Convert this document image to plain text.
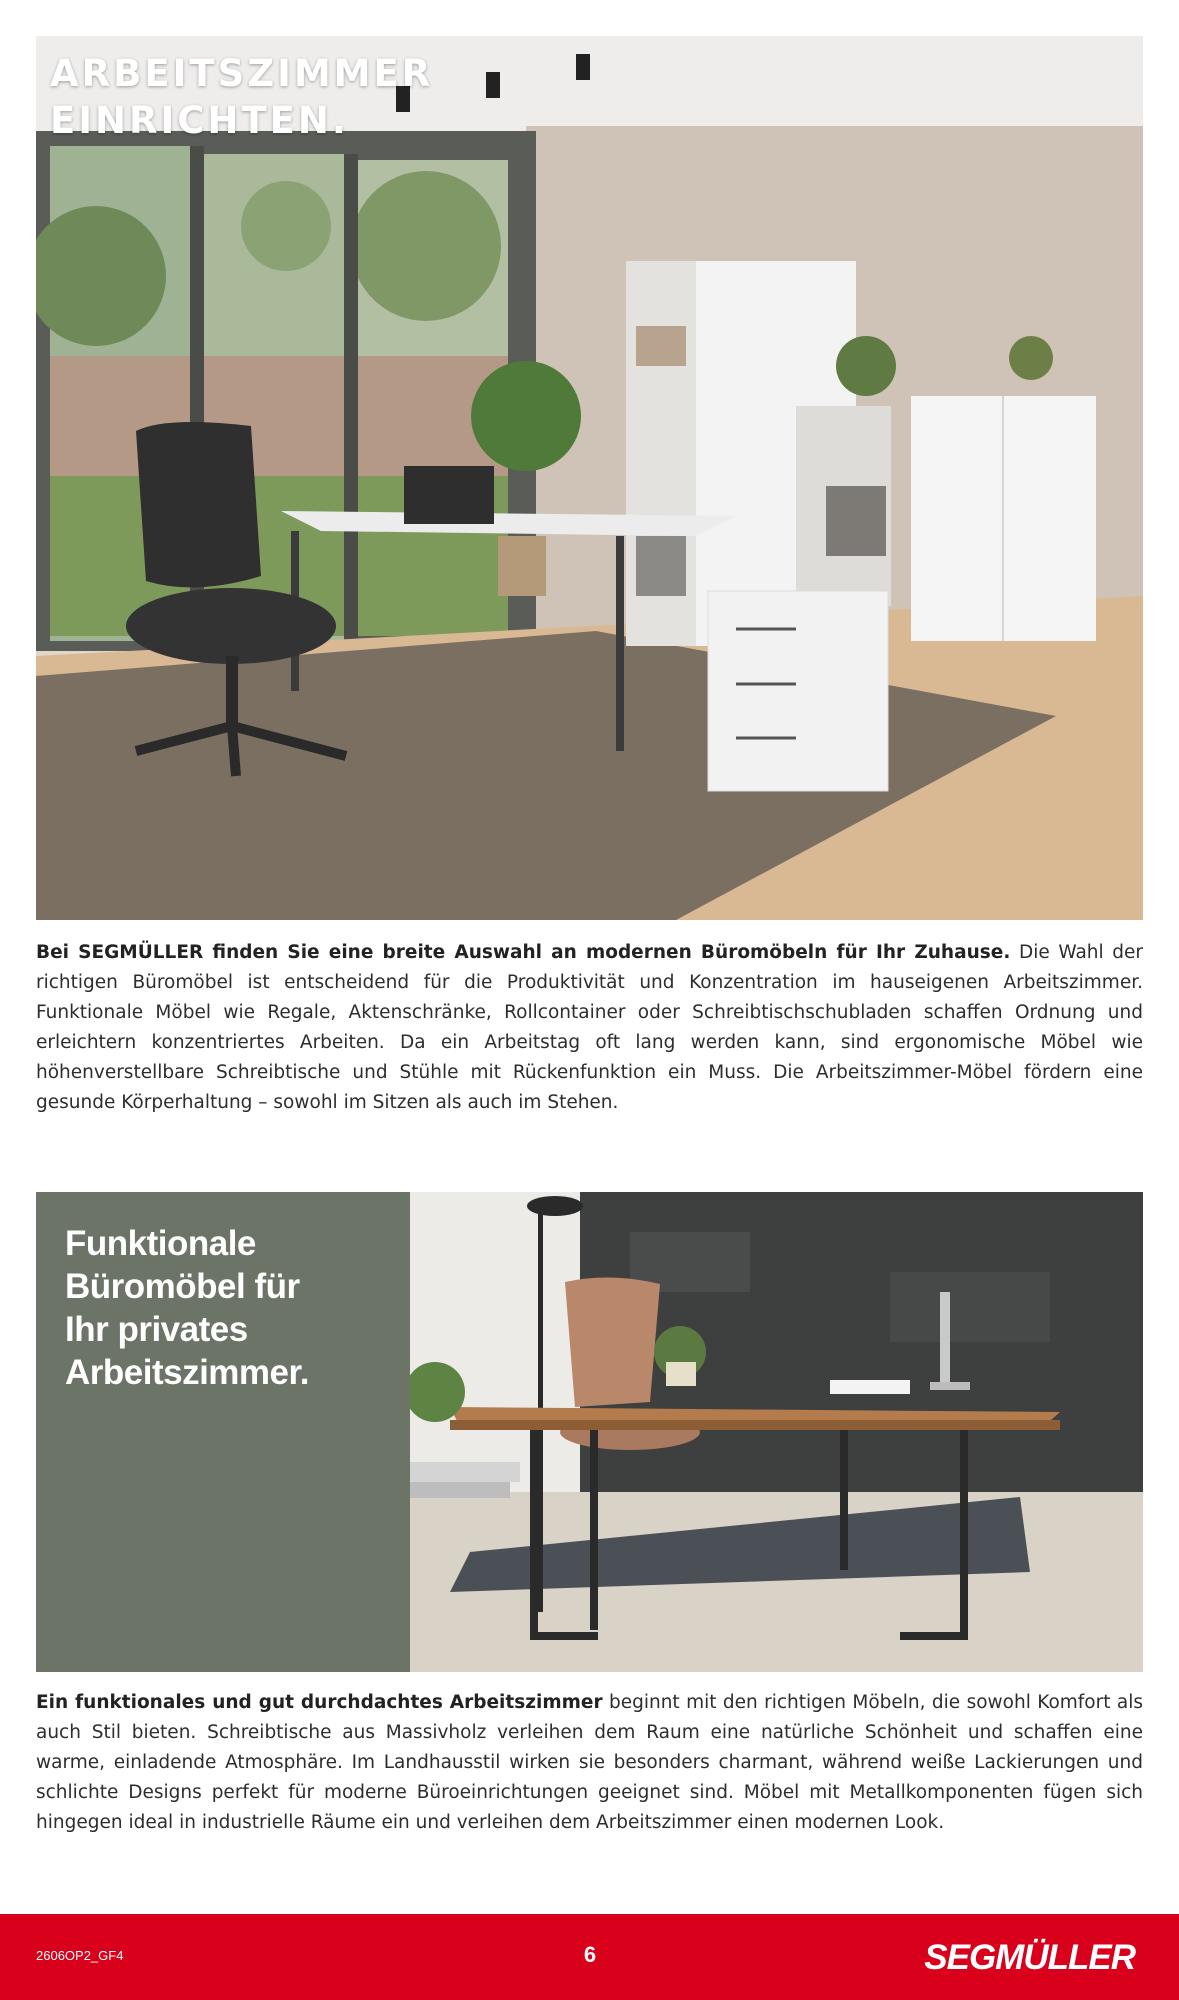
ARBEITSZIMMER
EINRICHTEN.

Bei SEGMÜLLER finden Sie eine breite Auswahl an modernen Büromöbeln für Ihr Zuhause. Die Wahl der richtigen Büromöbel ist entscheidend für die Produktivität und Konzentration im hauseigenen Arbeitszimmer. Funktionale Möbel wie Regale, Aktenschränke, Rollcontainer oder Schreibtischschubladen schaffen Ordnung und erleichtern konzentriertes Arbeiten. Da ein Arbeitstag oft lang werden kann, sind ergonomische Möbel wie höhenverstellbare Schreibtische und Stühle mit Rückenfunktion ein Muss. Die Arbeitszimmer-Möbel fördern eine gesunde Körperhaltung – sowohl im Sitzen als auch im Stehen.

Funktionale
Büromöbel für
Ihr privates
Arbeitszimmer.

Ein funktionales und gut durchdachtes Arbeitszimmer beginnt mit den richtigen Möbeln, die sowohl Komfort als auch Stil bieten. Schreibtische aus Massivholz verleihen dem Raum eine natürliche Schönheit und schaffen eine warme, einladende Atmosphäre. Im Landhausstil wirken sie besonders charmant, während weiße Lackierungen und schlichte Designs perfekt für moderne Büroeinrichtungen geeignet sind. Möbel mit Metallkomponenten fügen sich hingegen ideal in industrielle Räume ein und verleihen dem Arbeitszimmer einen modernen Look.

2606OP2_GF4	6	SEGMÜLLER
